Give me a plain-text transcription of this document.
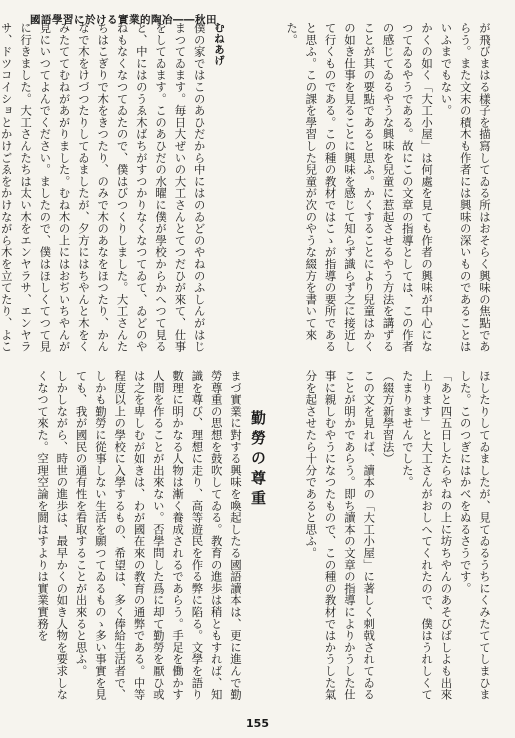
國語學習に於ける實業的陶冶――秋田

が飛びまはる樣子を描寫してゐる所はおそらく興味の焦點であらう。また文末の積木も作者には興味の深いものであることはいふまでもない。

かくの如く「大工小屋」は何處を見ても作者の興味が中心になつてゐるやうである。故にこの文章の指導としては、この作者の感じてゐるやうな興味を兒童に惹起させるやう方法を講ずることが其の要點であると思ふ。かくすることにより兒童はかくの如き仕事を見ることに興味を感じて知らず識らず之に接近して行くものである。この種の教材ではこゝが指導の要所であると思ふ。この課を學習した兒童が次のやうな綴方を書いて來た。

むねあげ

僕の家ではこのあひだから中にはのゐどのやねのふしんがはじまつてゐます。毎日大ぜいの大工さんとてつだひが來て、仕事をしてゐます。このあひだの水曜に僕が學校からかへつて見ると、中にはのうゑ木ばちがすつかりなくなつてゐて、ゐどのやねもなくなつてゐたので、僕はびつくりしました。大工さんたちはこぎりで木をきつたり、のみで木のあなをほつたり、かんなで木をけづつたりしてゐましたが、夕方にはちやんと木をくみたててむねがあがりました。むね木の上にはおぢいちやんが見にいつてよんでください。ましたので、僕はほしくてつて見に行きました。大工さんたちは太い木をエンヤラサ、エンヤラサ、ドツコイショとかけごゑをかけながら木を立てたり、よこ

ほしたりしてゐましたが、見てゐるうちにくみたててしまひました。このつぎにはかべをぬるさうです。

「あと四五日したらやねの上に坊ちやんのあそびばしよも出來上ります」と大工さんがおしへてくれたので、僕はうれしくてたまりませんでした。

（綴方新學習法）

この文を見れば、讀本の「大工小屋」に著しく刺戟されてゐることが明かであらう。即ち讀本の文章の指導によりかうした仕事に親しむやうになつたもので、この種の教材ではかうした氣分を起させたら十分であると思ふ。

勤勞の尊重

まづ實業に對する興味を喚起したる國語讀本は、更に進んで勤勞尊重の思想を鼓吹してゐる。教育の進歩は稍ともすれば、知識を尊び、理想に走り、高等遊民を作る弊に陷る。文學を語り數理に明かなる人物は漸く養成されるであらう。手足を働かす人間を作ることが出來ない。否學問した爲に却て勤勞を厭ひ或は之を卑しむが如きは、わが國在來の教育の通弊である。中等程度以上の學校に入學するもの、希望は、多く俸給生活者で、しかも勤勞に從事しない生活を願つてゐるものゝ多い事實を見ても、我が國民の通有性を看取することが出來ると思ふ。

しかしながら、時世の進歩は、最早かくの如き人物を要求しなくなつて來た。空理空論を鬪はすよりは實業實務を

155
